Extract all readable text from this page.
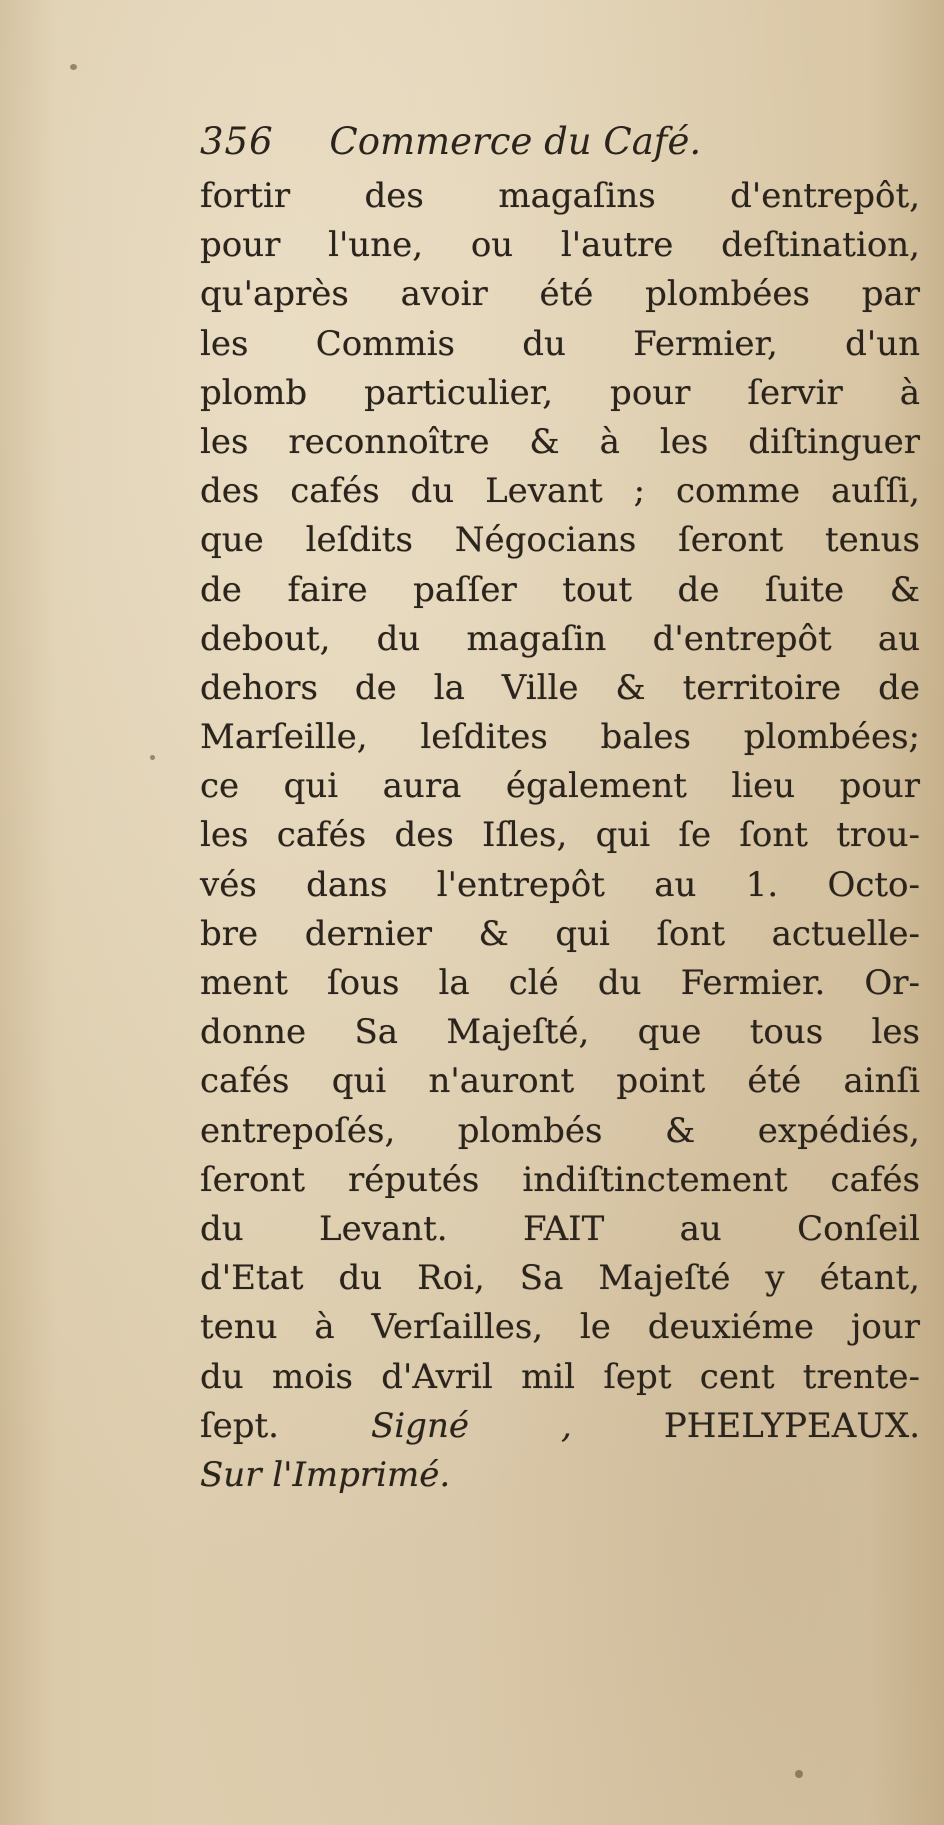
356 Commerce du Café.
fortir des magaſins d'entrepôt,
pour l'une, ou l'autre deſtination,
qu'après avoir été plombées par
les Commis du Fermier, d'un
plomb particulier, pour ſervir à
les reconnoître & à les diſtinguer
des cafés du Levant ; comme auſſi,
que leſdits Négocians ſeront tenus
de faire paſſer tout de ſuite &
debout, du magaſin d'entrepôt au
dehors de la Ville & territoire de
Marſeille, leſdites bales plombées;
ce qui aura également lieu pour
les cafés des Iſles, qui ſe ſont trou-
vés dans l'entrepôt au 1. Octo-
bre dernier & qui ſont actuelle-
ment ſous la clé du Fermier. Or-
donne Sa Majeſté, que tous les
cafés qui n'auront point été ainſi
entrepoſés, plombés & expédiés,
ſeront réputés indiſtinctement cafés
du Levant. FAIT au Conſeil
d'Etat du Roi, Sa Majeſté y étant,
tenu à Verſailles, le deuxiéme jour
du mois d'Avril mil ſept cent trente-
ſept.	Signé ,	PHELYPEAUX.
Sur l'Imprimé.
